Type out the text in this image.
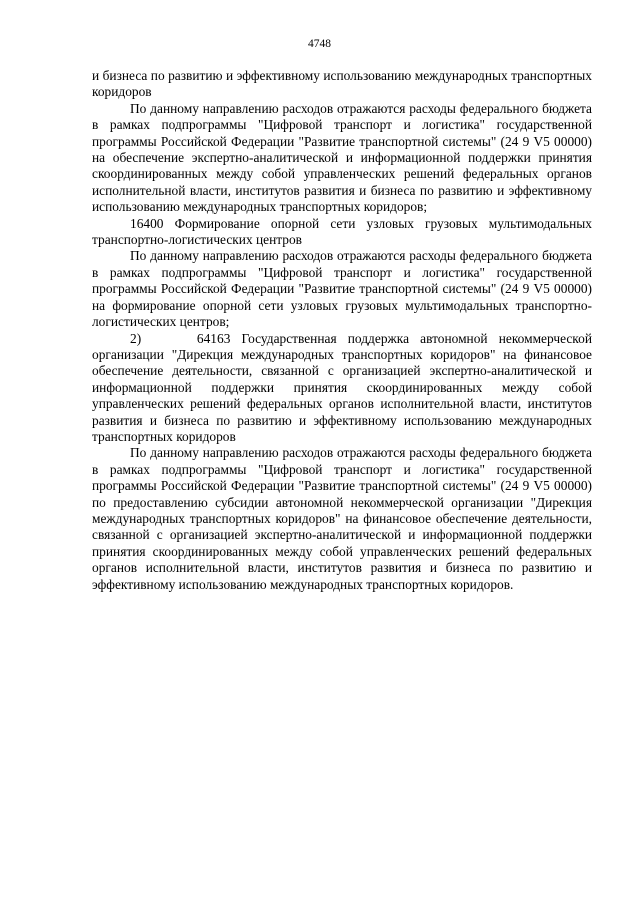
4748

и бизнеса по развитию и эффективному использованию международных транспортных коридоров

По данному направлению расходов отражаются расходы федерального бюджета в рамках подпрограммы "Цифровой транспорт и логистика" государственной программы Российской Федерации "Развитие транспортной системы" (24 9 V5 00000) на обеспечение экспертно-аналитической и информационной поддержки принятия скоординированных между собой управленческих решений федеральных органов исполнительной власти, институтов развития и бизнеса по развитию и эффективному использованию международных транспортных коридоров;

16400 Формирование опорной сети узловых грузовых мультимодальных транспортно-логистических центров

По данному направлению расходов отражаются расходы федерального бюджета в рамках подпрограммы "Цифровой транспорт и логистика" государственной программы Российской Федерации "Развитие транспортной системы" (24 9 V5 00000) на формирование опорной сети узловых грузовых мультимодальных транспортно-логистических центров;

2)     64163 Государственная поддержка автономной некоммерческой организации "Дирекция международных транспортных коридоров" на финансовое обеспечение деятельности, связанной с организацией экспертно-аналитической и информационной поддержки принятия скоординированных между собой управленческих решений федеральных органов исполнительной власти, институтов развития и бизнеса по развитию и эффективному использованию международных транспортных коридоров

По данному направлению расходов отражаются расходы федерального бюджета в рамках подпрограммы "Цифровой транспорт и логистика" государственной программы Российской Федерации "Развитие транспортной системы" (24 9 V5 00000) по предоставлению субсидии автономной некоммерческой организации "Дирекция международных транспортных коридоров" на финансовое обеспечение деятельности, связанной с организацией экспертно-аналитической и информационной поддержки принятия скоординированных между собой управленческих решений федеральных органов исполнительной власти, институтов развития и бизнеса по развитию и эффективному использованию международных транспортных коридоров.
